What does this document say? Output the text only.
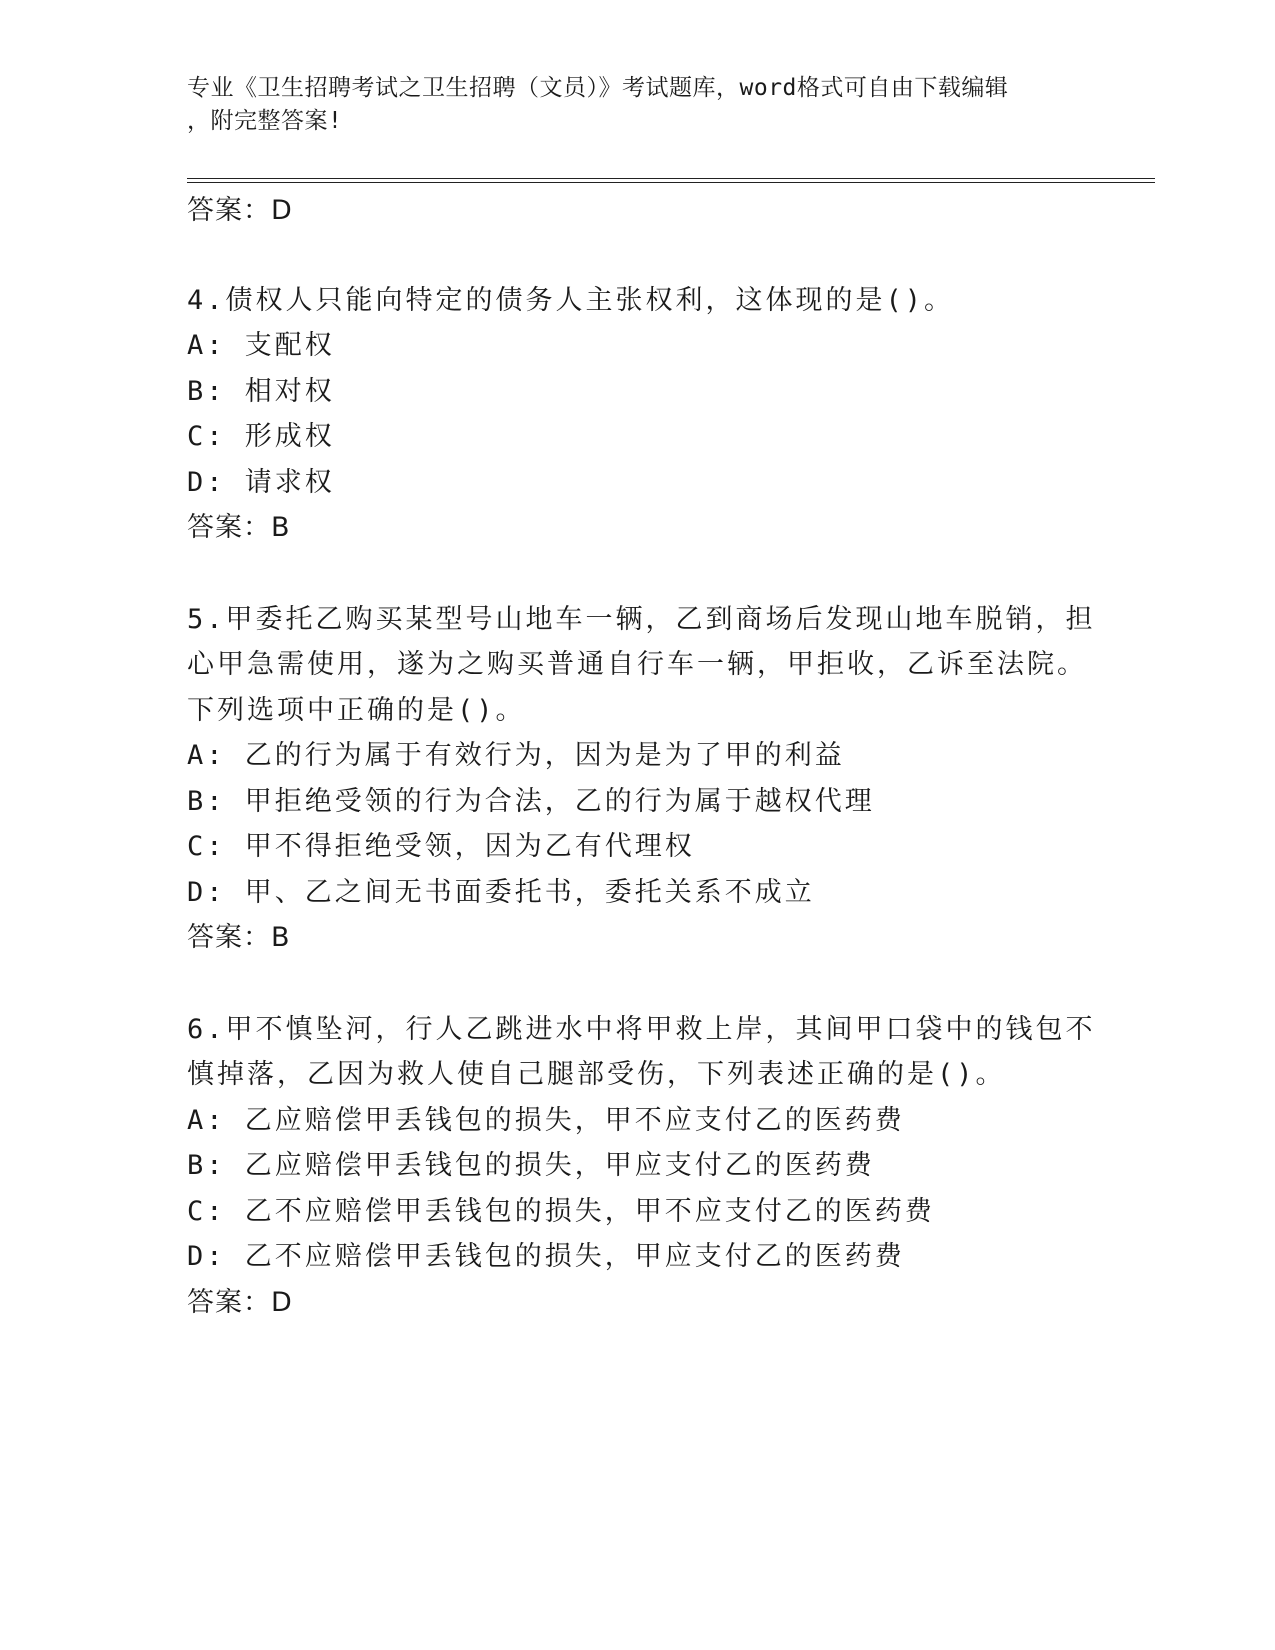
专业《卫生招聘考试之卫生招聘（文员）》考试题库，word格式可自由下载编辑
，附完整答案!
答案：D
4.债权人只能向特定的债务人主张权利，这体现的是()。
A: 支配权
B: 相对权
C: 形成权
D: 请求权
答案：B
5.甲委托乙购买某型号山地车一辆，乙到商场后发现山地车脱销，担
心甲急需使用，遂为之购买普通自行车一辆，甲拒收，乙诉至法院。
下列选项中正确的是()。
A: 乙的行为属于有效行为，因为是为了甲的利益
B: 甲拒绝受领的行为合法，乙的行为属于越权代理
C: 甲不得拒绝受领，因为乙有代理权
D: 甲、乙之间无书面委托书，委托关系不成立
答案：B
6.甲不慎坠河，行人乙跳进水中将甲救上岸，其间甲口袋中的钱包不
慎掉落，乙因为救人使自己腿部受伤，下列表述正确的是()。
A: 乙应赔偿甲丢钱包的损失，甲不应支付乙的医药费
B: 乙应赔偿甲丢钱包的损失，甲应支付乙的医药费
C: 乙不应赔偿甲丢钱包的损失，甲不应支付乙的医药费
D: 乙不应赔偿甲丢钱包的损失，甲应支付乙的医药费
答案：D
